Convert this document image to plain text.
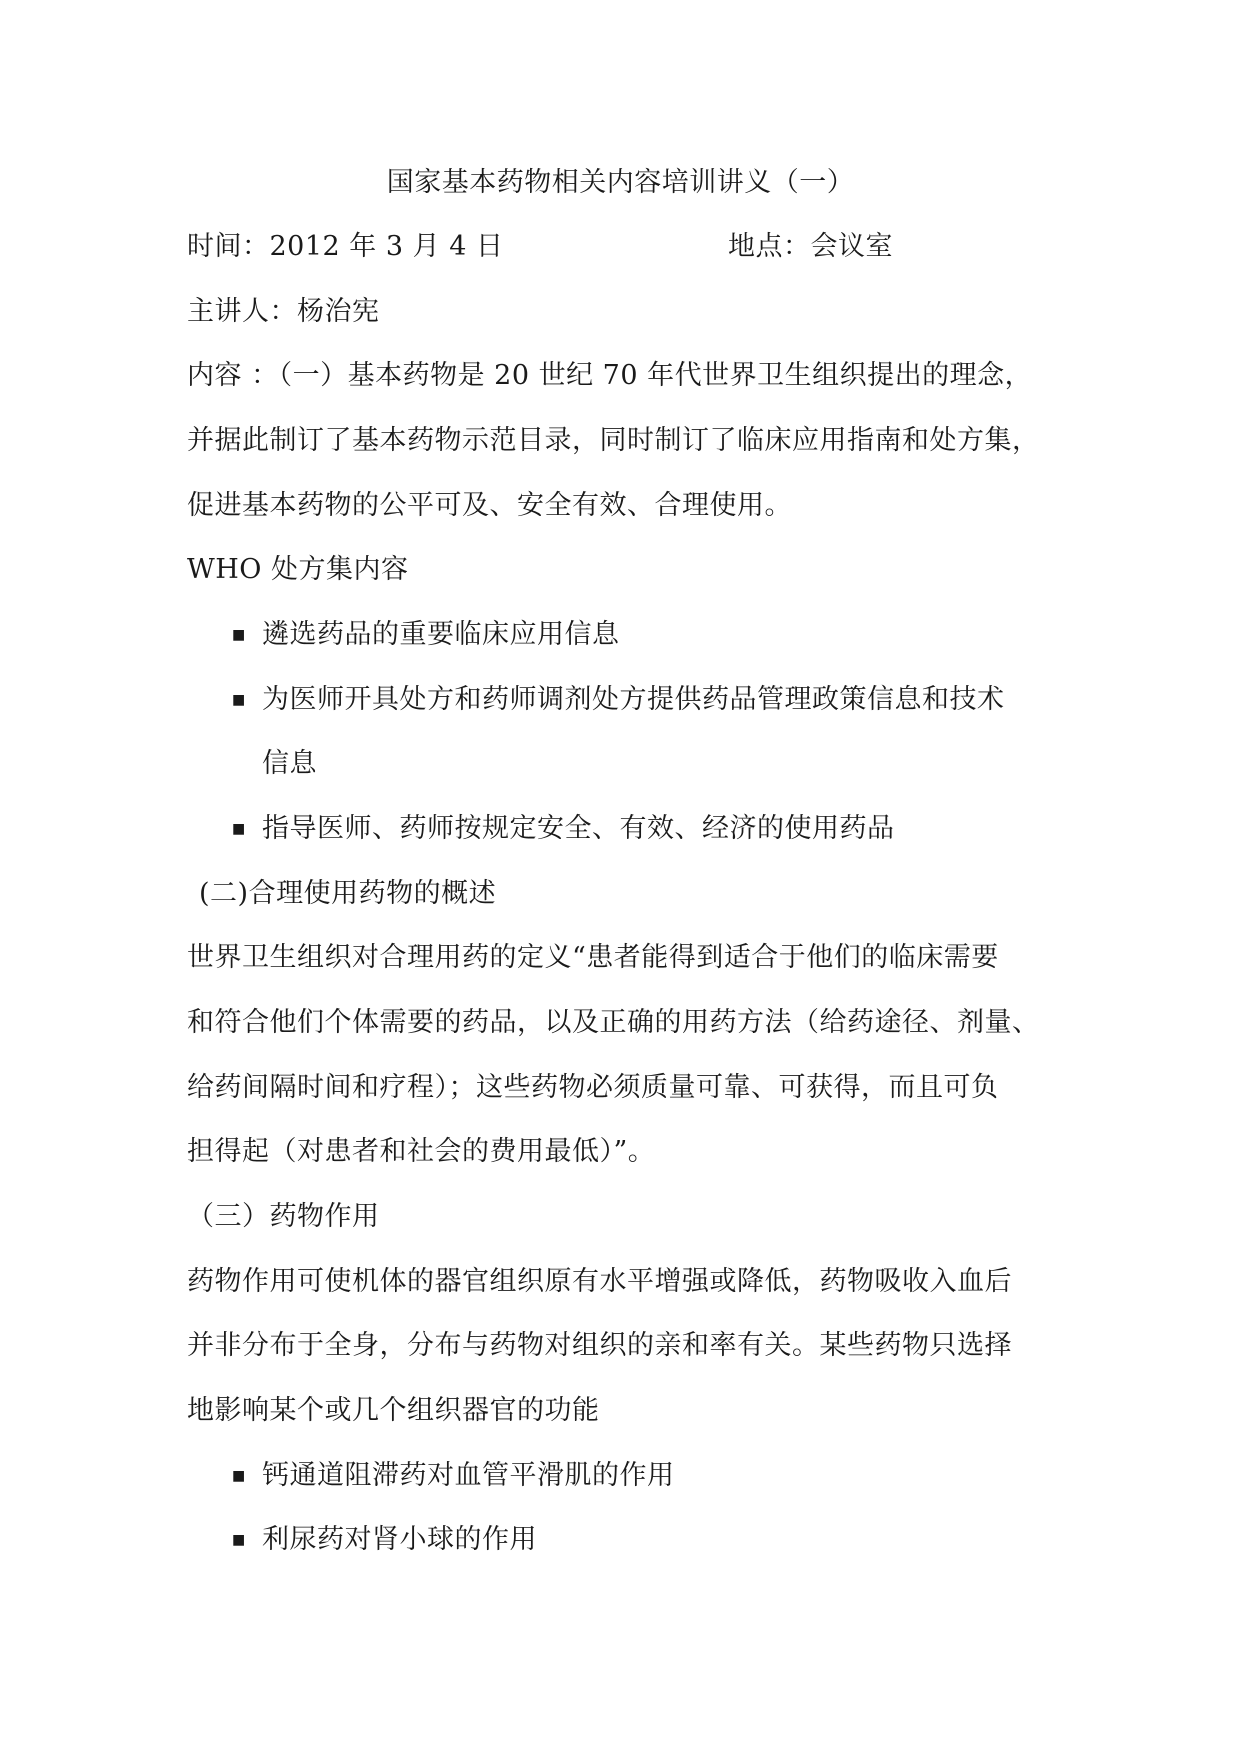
国家基本药物相关内容培训讲义（一）
时间：2012 年 3 月 4 日	地点：会议室
主讲人：杨治宪
内容 ：（一）基本药物是 20 世纪 70 年代世界卫生组织提出的理念，
并据此制订了基本药物示范目录，同时制订了临床应用指南和处方集，
促进基本药物的公平可及、安全有效、合理使用。
WHO 处方集内容
■ 遴选药品的重要临床应用信息
■ 为医师开具处方和药师调剂处方提供药品管理政策信息和技术
信息
■ 指导医师、药师按规定安全、有效、经济的使用药品
(二)合理使用药物的概述
世界卫生组织对合理用药的定义“患者能得到适合于他们的临床需要
和符合他们个体需要的药品，以及正确的用药方法（给药途径、剂量、
给药间隔时间和疗程）；这些药物必须质量可靠、可获得，而且可负
担得起（对患者和社会的费用最低）”。
（三）药物作用
药物作用可使机体的器官组织原有水平增强或降低，药物吸收入血后
并非分布于全身，分布与药物对组织的亲和率有关。某些药物只选择
地影响某个或几个组织器官的功能
■ 钙通道阻滞药对血管平滑肌的作用
■ 利尿药对肾小球的作用
